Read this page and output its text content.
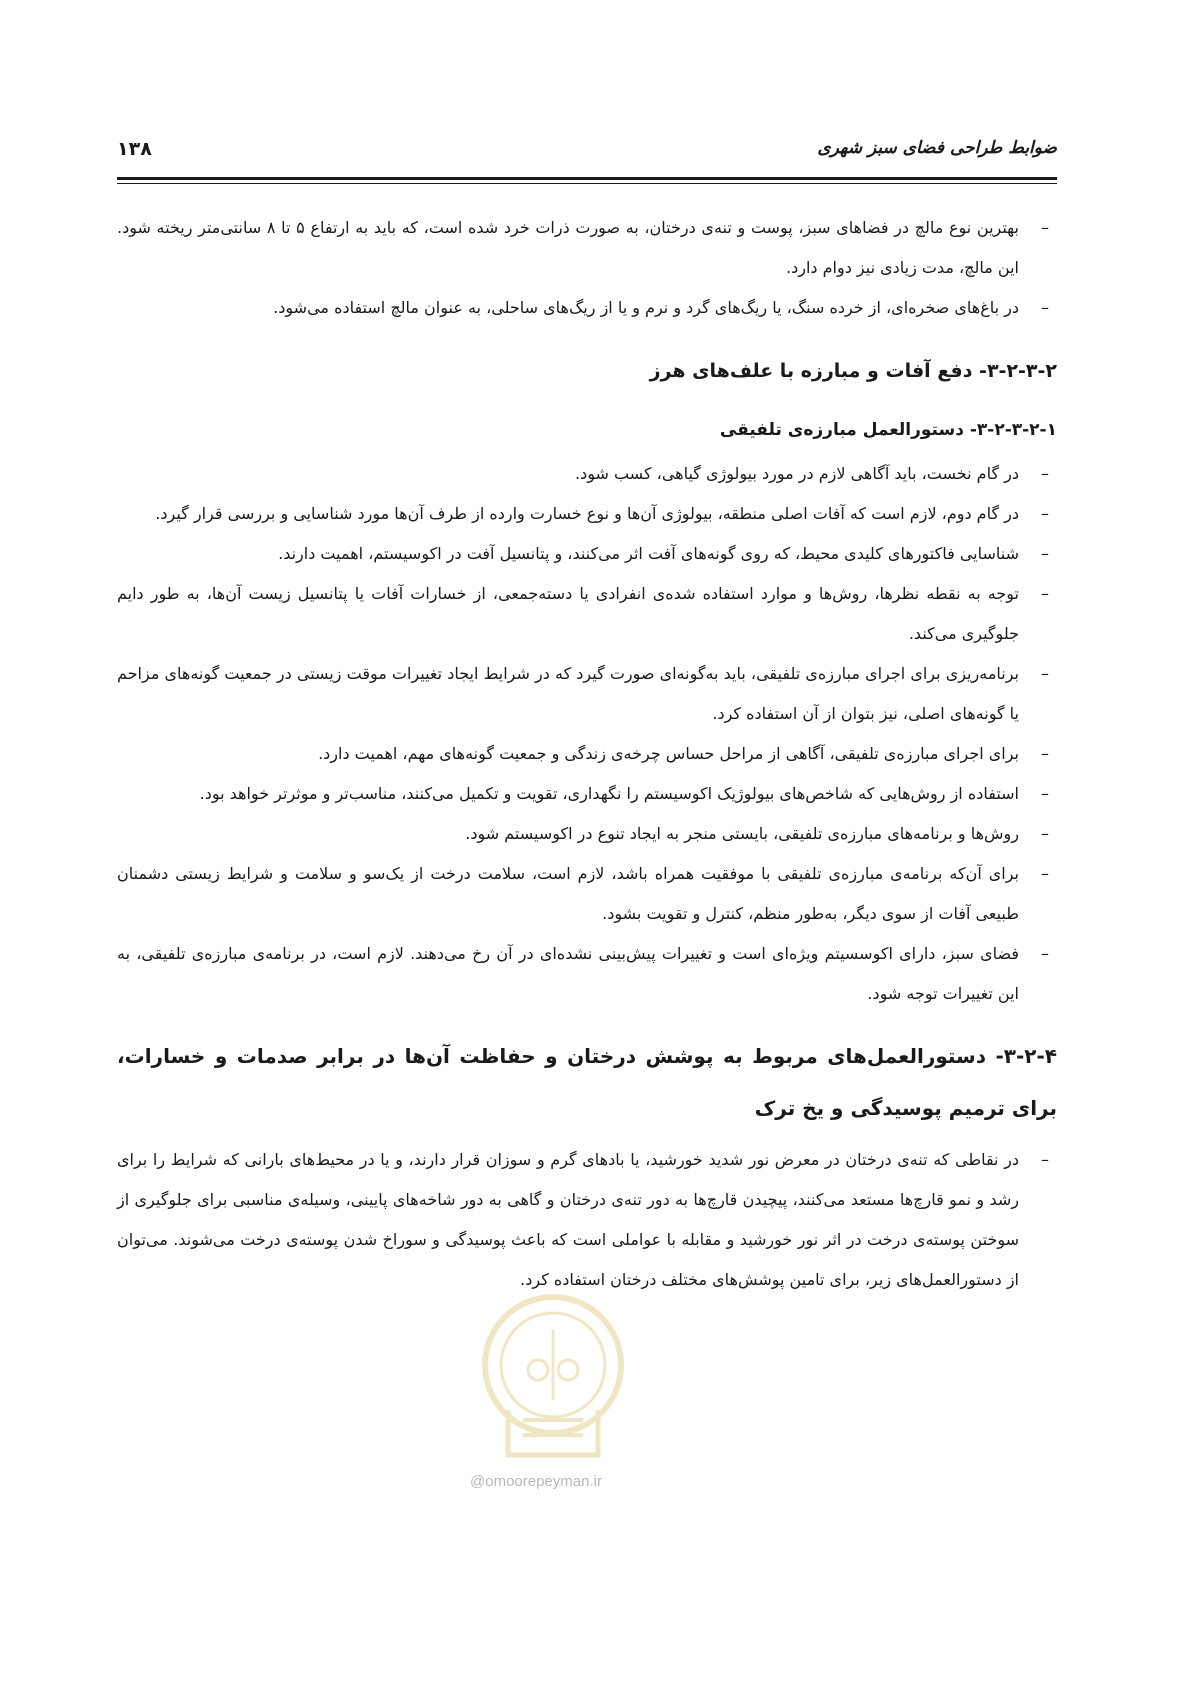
ضوابط طراحی فضای سبز شهری
۱۳۸

–
بهترین نوع مالچ در فضاهای سبز، پوست و تنه‌ی درختان، به صورت ذرات خرد شده است، که باید به ارتفاع ۵ تا ۸ سانتی‌متر ریخته شود. این مالچ، مدت زیادی نیز دوام دارد.

–
در باغ‌های صخره‌ای، از خرده سنگ، یا ریگ‌های گرد و نرم و یا از ریگ‌های ساحلی، به عنوان مالچ استفاده می‌شود.

۳-۲-۳-۲- دفع آفات و مبارزه با علف‌های هرز
۳-۲-۳-۲-۱- دستورالعمل مبارزه‌ی تلفیقی

–
در گام نخست، باید آگاهی لازم در مورد بیولوژی گیاهی، کسب شود.

–
در گام دوم، لازم است که آفات اصلی منطقه، بیولوژی آن‌ها و نوع خسارت وارده از طرف آن‌ها مورد شناسایی و بررسی قرار گیرد.

–
شناسایی فاکتورهای کلیدی محیط، که روی گونه‌های آفت اثر می‌کنند، و پتانسیل آفت در اکوسیستم، اهمیت دارند.

–
توجه به نقطه نظرها، روش‌ها و موارد استفاده شده‌ی انفرادی یا دسته‌جمعی، از خسارات آفات یا پتانسیل زیست آن‌ها، به طور دایم جلوگیری می‌کند.

–
برنامه‌ریزی برای اجرای مبارزه‌ی تلفیقی، باید به‌گونه‌ای صورت گیرد که در شرایط ایجاد تغییرات موقت زیستی در جمعیت گونه‌های مزاحم یا گونه‌های اصلی، نیز بتوان از آن استفاده کرد.

–
برای اجرای مبارزه‌ی تلفیقی، آگاهی از مراحل حساس چرخه‌ی زندگی و جمعیت گونه‌های مهم، اهمیت دارد.

–
استفاده از روش‌هایی که شاخص‌های بیولوژیک اکوسیستم را نگهداری، تقویت و تکمیل می‌کنند، مناسب‌تر و موثرتر خواهد بود.

–
روش‌ها و برنامه‌های مبارزه‌ی تلفیقی، بایستی منجر به ایجاد تنوع در اکوسیستم شود.

–
برای آن‌که برنامه‌ی مبارزه‌ی تلفیقی با موفقیت همراه باشد، لازم است، سلامت درخت از یک‌سو و سلامت و شرایط زیستی دشمنان طبیعی آفات از سوی دیگر، به‌طور منظم، کنترل و تقویت بشود.

–
فضای سبز، دارای اکوسسیتم ویژه‌ای است و تغییرات پیش‌بینی نشده‌ای در آن رخ می‌دهند. لازم است، در برنامه‌ی مبارزه‌ی تلفیقی، به این تغییرات توجه شود.

۳-۲-۴- دستورالعمل‌های مربوط به پوشش درختان و حفاظت آن‌ها در برابر صدمات و خسارات، برای ترمیم پوسیدگی و یخ ترک

–
در نقاطی که تنه‌ی درختان در معرض نور شدید خورشید، یا بادهای گرم و سوزان قرار دارند، و یا در محیط‌های بارانی که شرایط را برای رشد و نمو قارچ‌ها مستعد می‌کنند، پیچیدن قارچ‌ها به دور تنه‌ی درختان و گاهی به دور شاخه‌های پایینی، وسیله‌ی مناسبی برای جلوگیری از سوختن پوسته‌ی درخت در اثر نور خورشید و مقابله با عواملی است که باعث پوسیدگی و سوراخ شدن پوسته‌ی درخت می‌شوند. می‌توان از دستورالعمل‌های زیر، برای تامین پوشش‌های مختلف درختان استفاده کرد.

@omoorepeyman.ir
